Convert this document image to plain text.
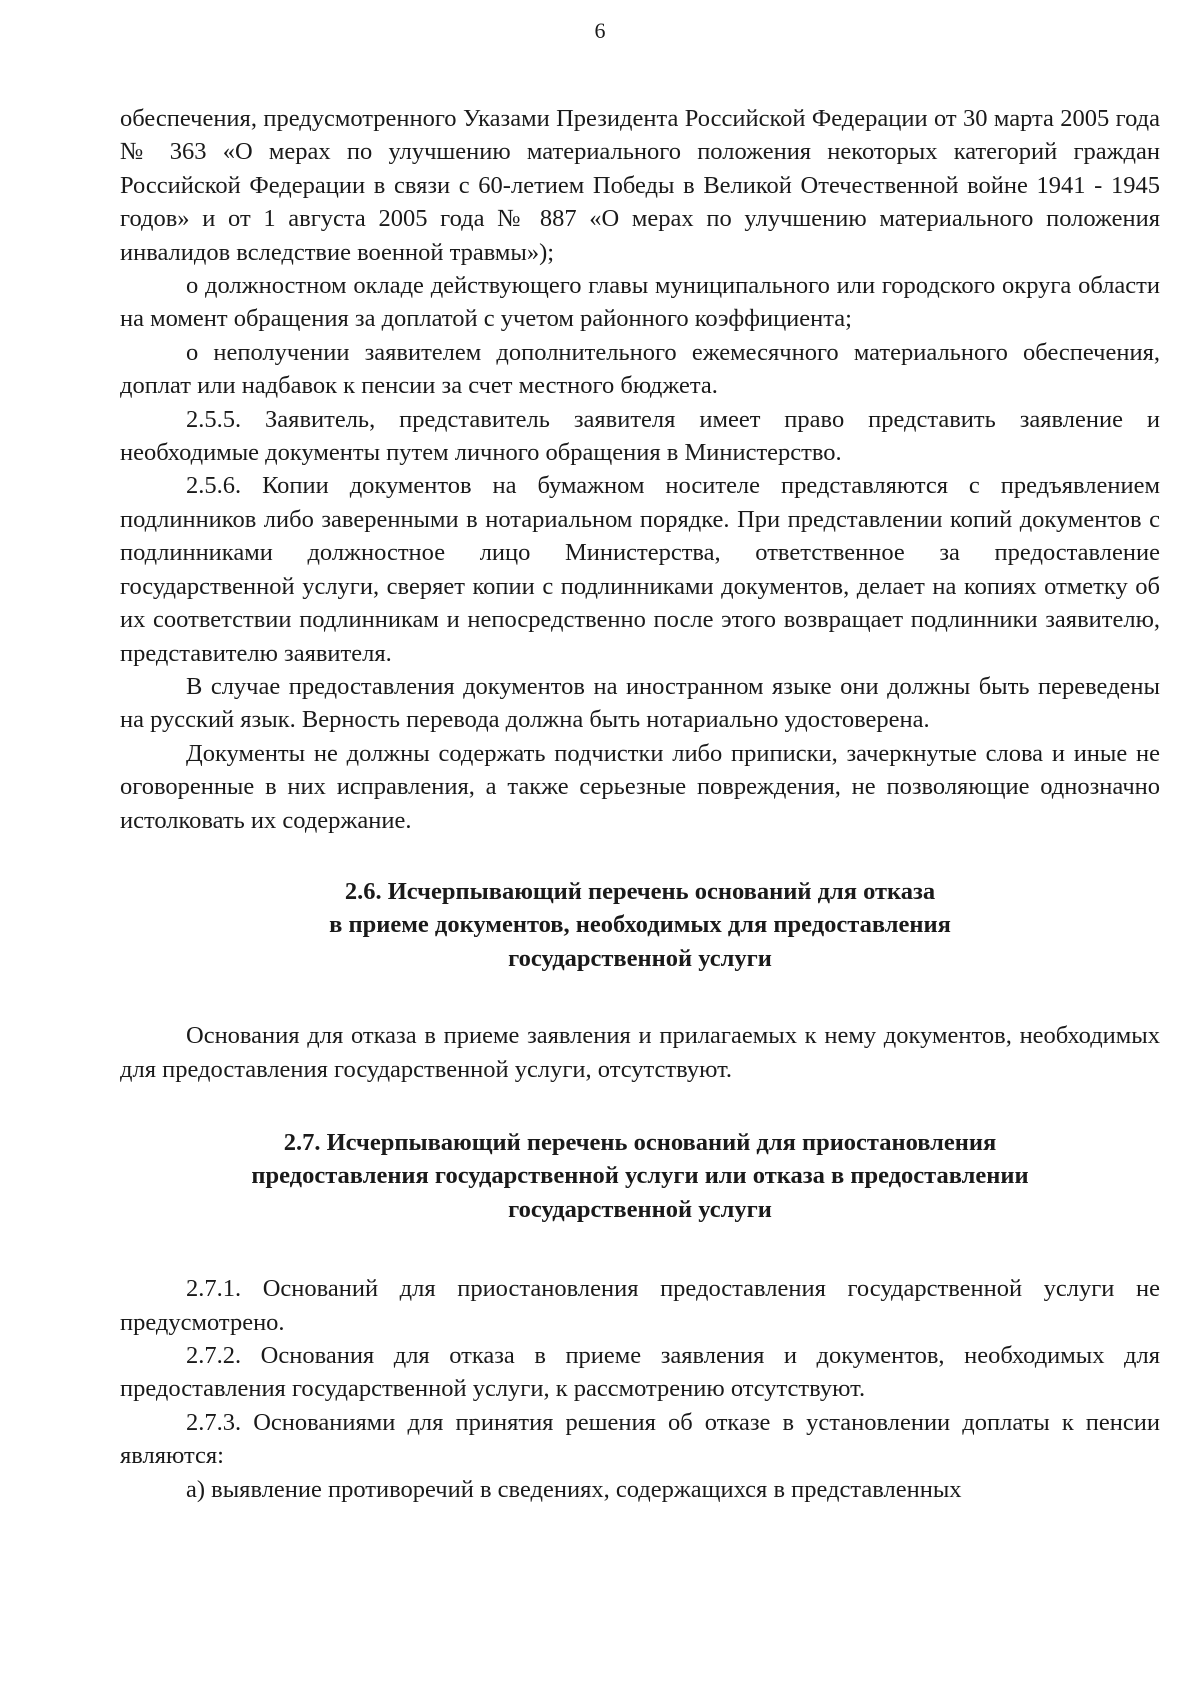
6

обеспечения, предусмотренного Указами Президента Российской Федерации от 30 марта 2005 года № 363 «О мерах по улучшению материального положения некоторых категорий граждан Российской Федерации в связи с 60-летием Победы в Великой Отечественной войне 1941 - 1945 годов» и от 1 августа 2005 года № 887 «О мерах по улучшению материального положения инвалидов вследствие военной травмы»);

о должностном окладе действующего главы муниципального или городского округа области на момент обращения за доплатой с учетом районного коэффициента;

о неполучении заявителем дополнительного ежемесячного материального обеспечения, доплат или надбавок к пенсии за счет местного бюджета.

2.5.5. Заявитель, представитель заявителя имеет право представить заявление и необходимые документы путем личного обращения в Министерство.

2.5.6. Копии документов на бумажном носителе представляются с предъявлением подлинников либо заверенными в нотариальном порядке. При представлении копий документов с подлинниками должностное лицо Министерства, ответственное за предоставление государственной услуги, сверяет копии с подлинниками документов, делает на копиях отметку об их соответствии подлинникам и непосредственно после этого возвращает подлинники заявителю, представителю заявителя.

В случае предоставления документов на иностранном языке они должны быть переведены на русский язык. Верность перевода должна быть нотариально удостоверена.

Документы не должны содержать подчистки либо приписки, зачеркнутые слова и иные не оговоренные в них исправления, а также серьезные повреждения, не позволяющие однозначно истолковать их содержание.

2.6. Исчерпывающий перечень оснований для отказа
в приеме документов, необходимых для предоставления
государственной услуги

Основания для отказа в приеме заявления и прилагаемых к нему документов, необходимых для предоставления государственной услуги, отсутствуют.

2.7. Исчерпывающий перечень оснований для приостановления
предоставления государственной услуги или отказа в предоставлении
государственной услуги

2.7.1. Оснований для приостановления предоставления государственной услуги не предусмотрено.

2.7.2. Основания для отказа в приеме заявления и документов, необходимых для предоставления государственной услуги, к рассмотрению отсутствуют.

2.7.3. Основаниями для принятия решения об отказе в установлении доплаты к пенсии являются:

а) выявление противоречий в сведениях, содержащихся в представленных
